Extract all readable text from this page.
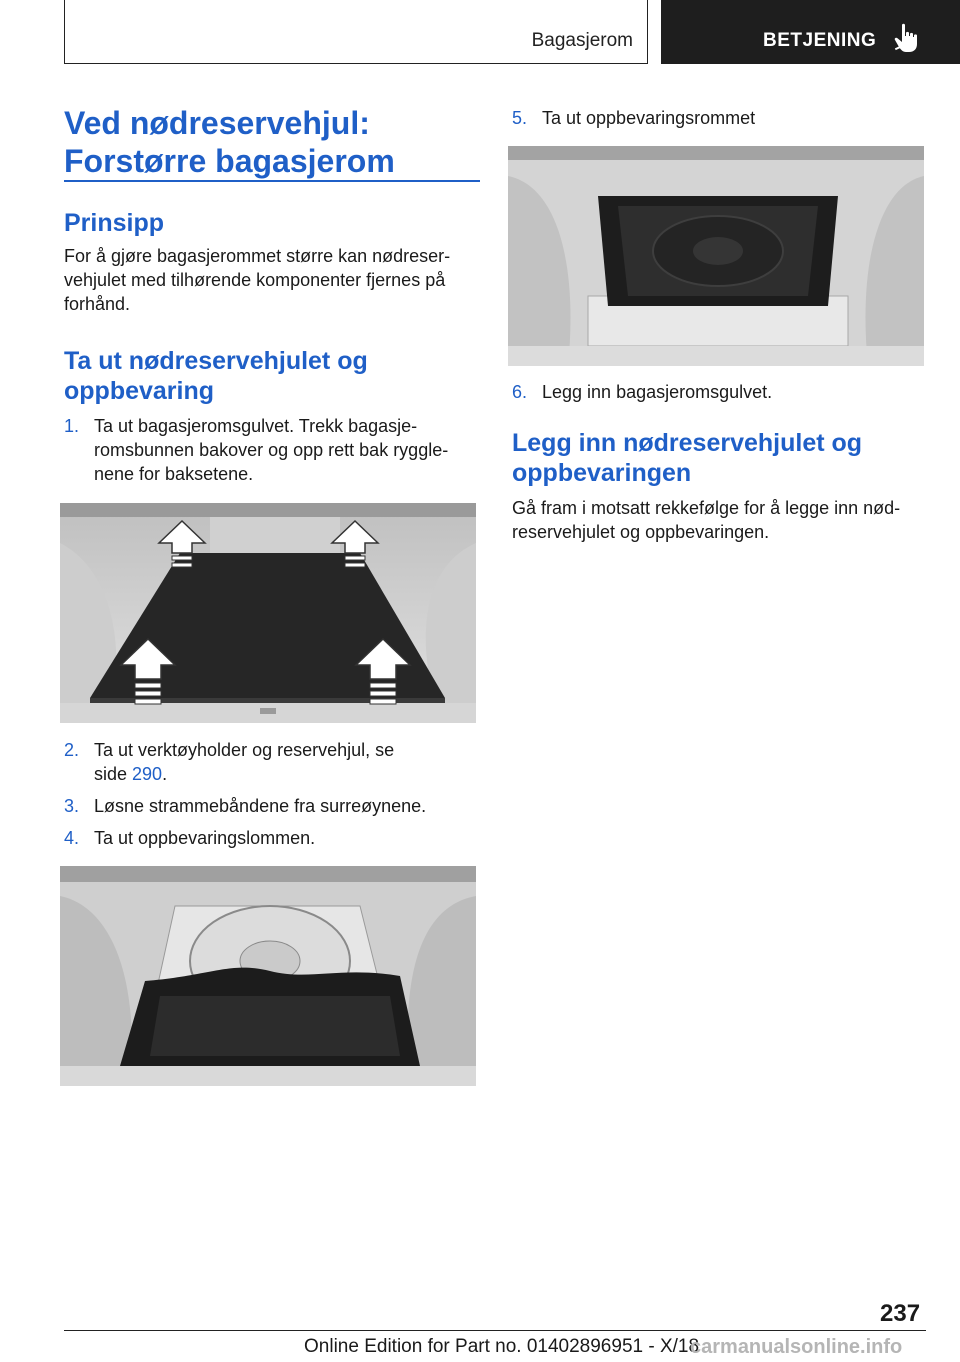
Bagasjerom	BETJENING
Ved nødreservehjul: Forstørre bagasjerom
Prinsipp
For å gjøre bagasjerommet større kan nødreser-
vehjulet med tilhørende komponenter fjernes på
forhånd.
Ta ut nødreservehjulet og
oppbevaring
1. Ta ut bagasjeromsgulvet. Trekk bagasje-
romsbunnen bakover og opp rett bak ryggle-
nene for baksetene.
2. Ta ut verktøyholder og reservehjul, se
side 290.
3. Løsne strammebåndene fra surreøynene.
4. Ta ut oppbevaringslommen.
5. Ta ut oppbevaringsrommet
6. Legg inn bagasjeromsgulvet.
Legg inn nødreservehjulet og
oppbevaringen
Gå fram i motsatt rekkefølge for å legge inn nød-
reservehjulet og oppbevaringen.
237
Online Edition for Part no. 01402896951 - X/18
carmanualsonline.info
